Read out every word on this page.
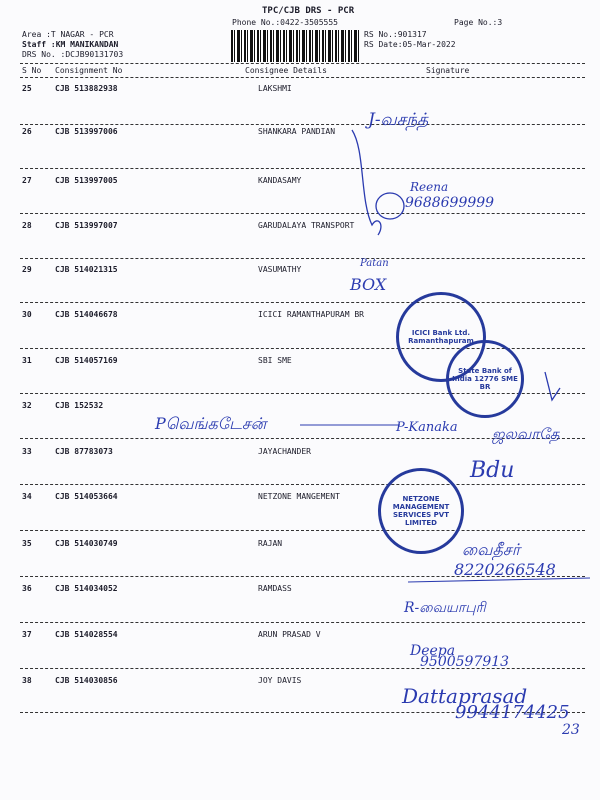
TPC/CJB DRS - PCR
Phone No.:0422-3505555	Page No.:3
Area :T NAGAR - PCR
Staff :KM MANIKANDAN
DRS No. :DCJB90131703
RS No.:901317
RS Date:05-Mar-2022
S No Consignment No	Consignee Details	Signature
25	CJB 513882938	LAKSHMI
26	CJB 513997006	SHANKARA PANDIAN
27	CJB 513997005	KANDASAMY
28	CJB 513997007	GARUDALAYA TRANSPORT
29	CJB 514021315	VASUMATHY
30	CJB 514046678	ICICI RAMANTHAPURAM BR
31	CJB 514057169	SBI SME
32	CJB 152532
33	CJB 87783073	JAYACHANDER
34	CJB 514053664	NETZONE MANGEMENT
35	CJB 514030749	RAJAN
36	CJB 514034052	RAMDASS
37	CJB 514028554	ARUN PRASAD V
38	CJB 514030856	JOY DAVIS
ICICI Bank Ltd. Ramanthapuram
State Bank of India 12776 SME BR
NETZONE MANAGEMENT SERVICES PVT LIMITED
J-வசந்த்
Reena
9688699999
Patan
BOX
Pவெங்கடேசன்	P-Kanaka ஜலவாதே
Bdu
வைதீசர்
8220266548
R-வையாபுரி
Deepa
9500597913
Dattaprasad
9944174425
23
